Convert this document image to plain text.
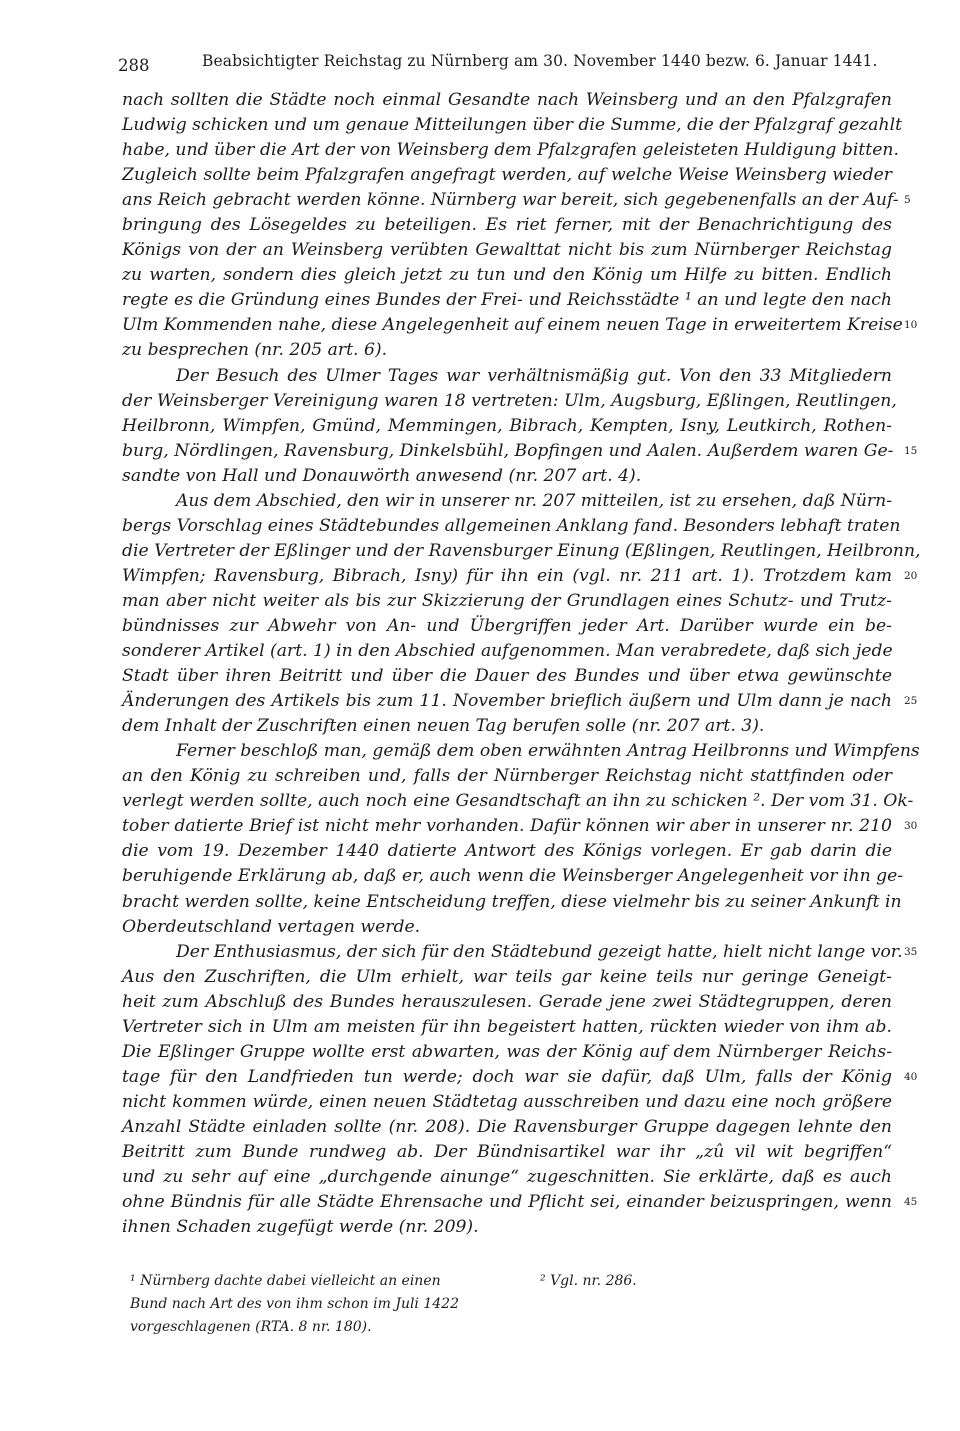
288	Beabsichtigter Reichstag zu Nürnberg am 30. November 1440 bezw. 6. Januar 1441.
nach sollten die Städte noch einmal Gesandte nach Weinsberg und an den Pfalzgrafen
Ludwig schicken und um genaue Mitteilungen über die Summe, die der Pfalzgraf gezahlt
habe, und über die Art der von Weinsberg dem Pfalzgrafen geleisteten Huldigung bitten.
Zugleich sollte beim Pfalzgrafen angefragt werden, auf welche Weise Weinsberg wieder
ans Reich gebracht werden könne. Nürnberg war bereit, sich gegebenenfalls an der Auf- 5
bringung des Lösegeldes zu beteiligen. Es riet ferner, mit der Benachrichtigung des
Königs von der an Weinsberg verübten Gewalttat nicht bis zum Nürnberger Reichstag
zu warten, sondern dies gleich jetzt zu tun und den König um Hilfe zu bitten. Endlich
regte es die Gründung eines Bundes der Frei- und Reichsstädte ¹ an und legte den nach
Ulm Kommenden nahe, diese Angelegenheit auf einem neuen Tage in erweitertem Kreise 10
zu besprechen (nr. 205 art. 6).
Der Besuch des Ulmer Tages war verhältnismäßig gut. Von den 33 Mitgliedern
der Weinsberger Vereinigung waren 18 vertreten: Ulm, Augsburg, Eßlingen, Reutlingen,
Heilbronn, Wimpfen, Gmünd, Memmingen, Bibrach, Kempten, Isny, Leutkirch, Rothen-
burg, Nördlingen, Ravensburg, Dinkelsbühl, Bopfingen und Aalen. Außerdem waren Ge- 15
sandte von Hall und Donauwörth anwesend (nr. 207 art. 4).
Aus dem Abschied, den wir in unserer nr. 207 mitteilen, ist zu ersehen, daß Nürn-
bergs Vorschlag eines Städtebundes allgemeinen Anklang fand. Besonders lebhaft traten
die Vertreter der Eßlinger und der Ravensburger Einung (Eßlingen, Reutlingen, Heilbronn,
Wimpfen; Ravensburg, Bibrach, Isny) für ihn ein (vgl. nr. 211 art. 1). Trotzdem kam 20
man aber nicht weiter als bis zur Skizzierung der Grundlagen eines Schutz- und Trutz-
bündnisses zur Abwehr von An- und Übergriffen jeder Art. Darüber wurde ein be-
sonderer Artikel (art. 1) in den Abschied aufgenommen. Man verabredete, daß sich jede
Stadt über ihren Beitritt und über die Dauer des Bundes und über etwa gewünschte
Änderungen des Artikels bis zum 11. November brieflich äußern und Ulm dann je nach 25
dem Inhalt der Zuschriften einen neuen Tag berufen solle (nr. 207 art. 3).
Ferner beschloß man, gemäß dem oben erwähnten Antrag Heilbronns und Wimpfens
an den König zu schreiben und, falls der Nürnberger Reichstag nicht stattfinden oder
verlegt werden sollte, auch noch eine Gesandtschaft an ihn zu schicken ². Der vom 31. Ok-
tober datierte Brief ist nicht mehr vorhanden. Dafür können wir aber in unserer nr. 210 30
die vom 19. Dezember 1440 datierte Antwort des Königs vorlegen. Er gab darin die
beruhigende Erklärung ab, daß er, auch wenn die Weinsberger Angelegenheit vor ihn ge-
bracht werden sollte, keine Entscheidung treffen, diese vielmehr bis zu seiner Ankunft in
Oberdeutschland vertagen werde.
Der Enthusiasmus, der sich für den Städtebund gezeigt hatte, hielt nicht lange vor. 35
Aus den Zuschriften, die Ulm erhielt, war teils gar keine teils nur geringe Geneigt-
heit zum Abschluß des Bundes herauszulesen. Gerade jene zwei Städtegruppen, deren
Vertreter sich in Ulm am meisten für ihn begeistert hatten, rückten wieder von ihm ab.
Die Eßlinger Gruppe wollte erst abwarten, was der König auf dem Nürnberger Reichs-
tage für den Landfrieden tun werde; doch war sie dafür, daß Ulm, falls der König 40
nicht kommen würde, einen neuen Städtetag ausschreiben und dazu eine noch größere
Anzahl Städte einladen sollte (nr. 208). Die Ravensburger Gruppe dagegen lehnte den
Beitritt zum Bunde rundweg ab. Der Bündnisartikel war ihr „zû vil wit begriffen“
und zu sehr auf eine „durchgende ainunge“ zugeschnitten. Sie erklärte, daß es auch
ohne Bündnis für alle Städte Ehrensache und Pflicht sei, einander beizuspringen, wenn 45
ihnen Schaden zugefügt werde (nr. 209).
¹ Nürnberg dachte dabei vielleicht an einen
Bund nach Art des von ihm schon im Juli 1422
vorgeschlagenen (RTA. 8 nr. 180).
² Vgl. nr. 286.
